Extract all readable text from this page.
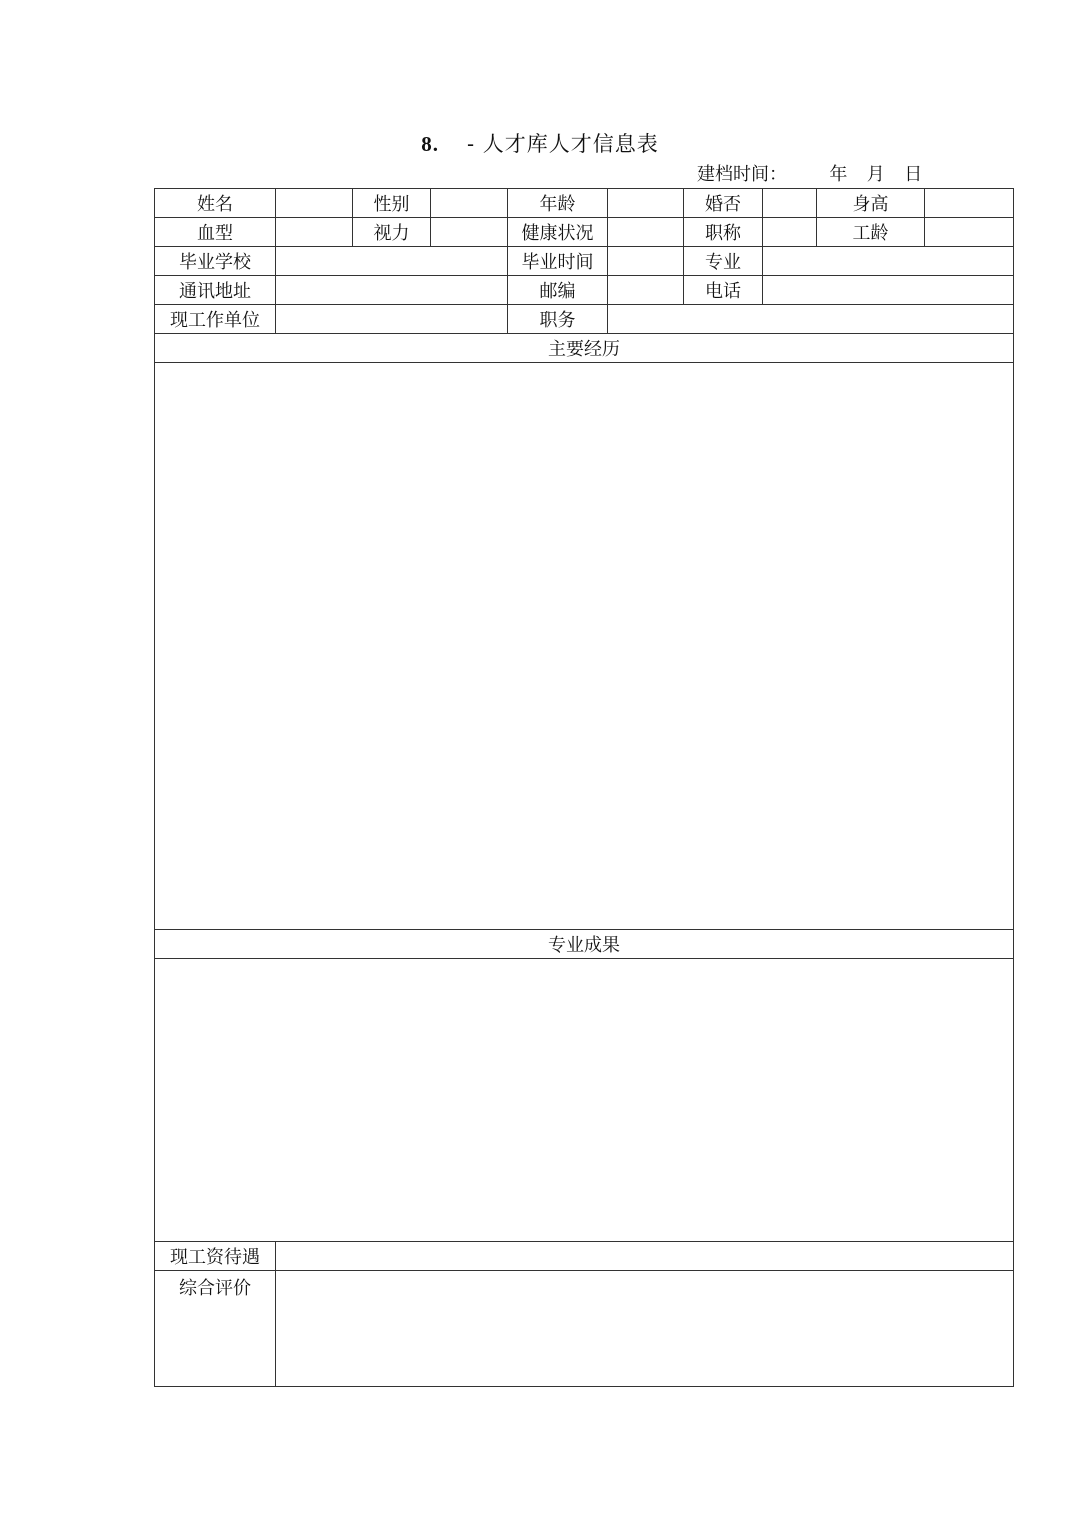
8. - 人才库人才信息表
建档时间： 年 月 日
姓名		性别		年龄		婚否		身高	
血型		视力		健康状况		职称		工龄	
毕业学校				毕业时间		专业			
通讯地址				邮编		电话			
现工作单位				职务					
主要经历									

专业成果									

现工资待遇									
综合评价									
